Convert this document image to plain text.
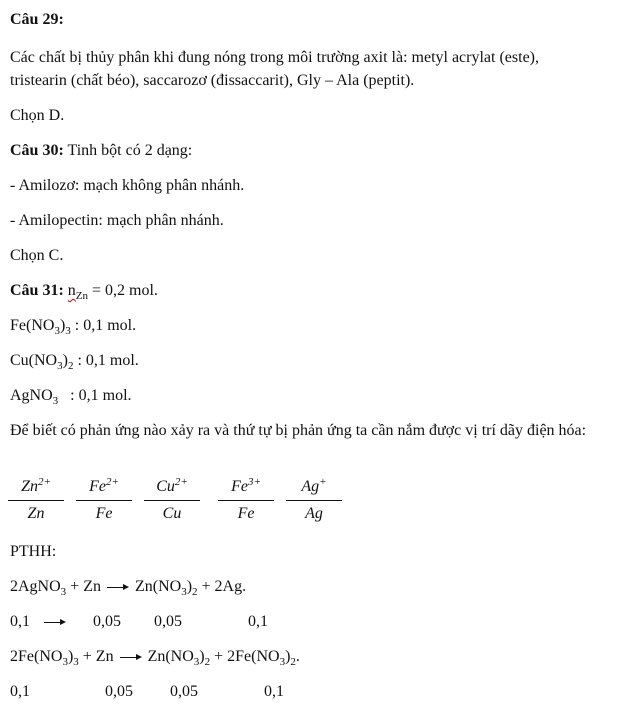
Câu 29:
Các chất bị thủy phân khi đung nóng trong môi trường axit là: metyl acrylat (este),
tristearin (chất béo), saccarozơ (đissaccarit), Gly – Ala (peptit).
Chọn D.
Câu 30: Tinh bột có 2 dạng:
- Amilozơ: mạch không phân nhánh.
- Amilopectin: mạch phân nhánh.
Chọn C.
Câu 31: $n_{Zn} = 0,2$ mol.
$Fe(NO_3)_3$ : 0,1 mol.
$Cu(NO_3)_2$ : 0,1 mol.
AgNO$_3$   : 0,1 mol.
Để biết có phản ứng nào xảy ra và thứ tự bị phản ứng ta cần nắm được vị trí dãy điện hóa:
$\frac{Zn^{2+}}{Zn} \frac{Fe^{2+}}{Fe} \frac{Cu^{2+}}{Cu} \frac{Fe^{3+}}{Fe} \frac{Ag^+}{Ag}$
PTHH:
2AgNO$_3$ + Zn  $Zn(NO_3)_2 + 2Ag$.
0,1	0,05 0,05	0,1
$2Fe(NO_3)_3 + Zn$  $Zn(NO_3)_2 + 2Fe(NO_3)_2$.
0,1	0,05 0,05	0,1
